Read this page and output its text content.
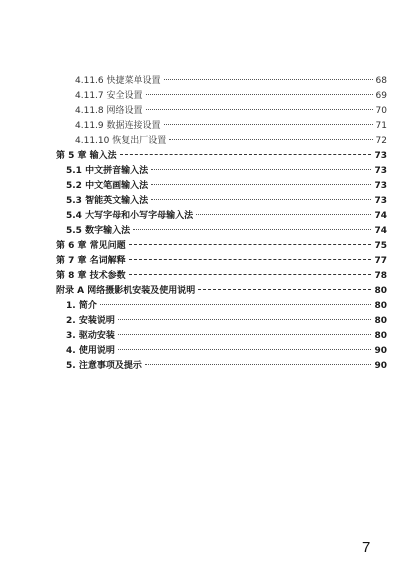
4.11.6 快捷菜单设置	68
4.11.7 安全设置	69
4.11.8 网络设置	70
4.11.9 数据连接设置	71
4.11.10 恢复出厂设置	72
第 5 章 输入法	73
5.1 中文拼音输入法	73
5.2 中文笔画输入法	73
5.3 智能英文输入法	73
5.4 大写字母和小写字母输入法	74
5.5 数字输入法	74
第 6 章 常见问题	75
第 7 章 名词解释	77
第 8 章 技术参数	78
附录 A 网络摄影机安装及使用说明	80
1. 简介	80
2. 安装说明	80
3. 驱动安装	80
4. 使用说明	90
5. 注意事项及提示	90
7
